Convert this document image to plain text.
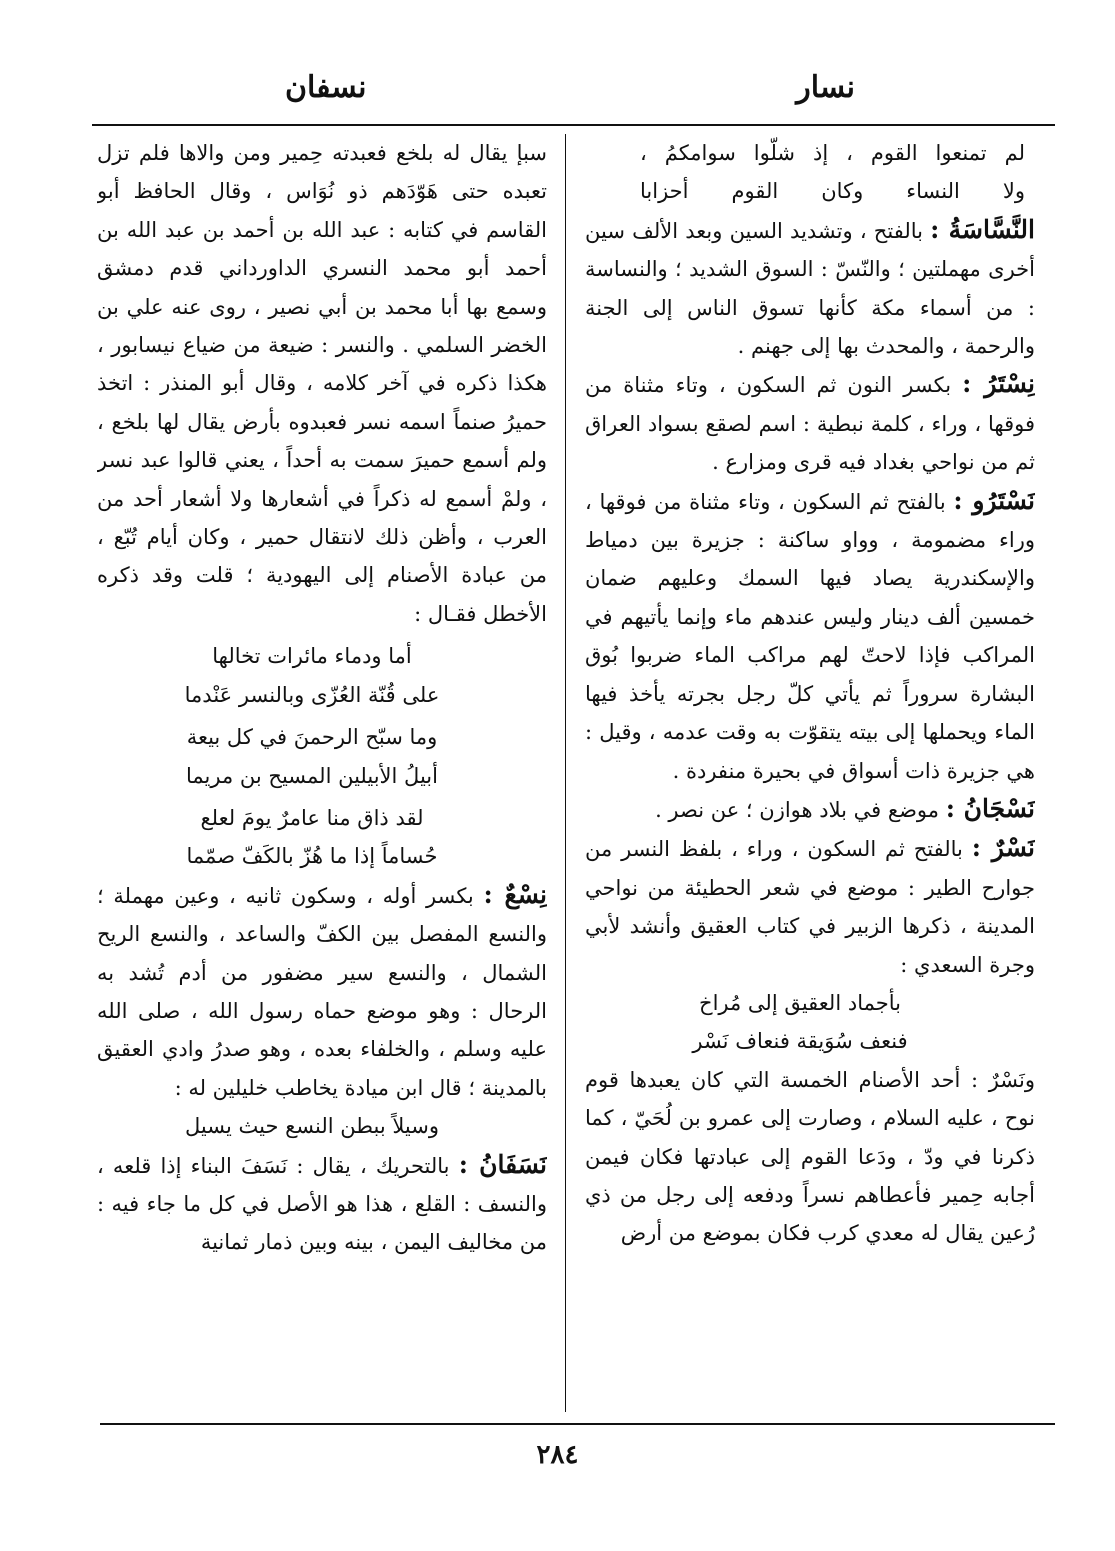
نسار
نسفان

لم تمنعوا القوم ، إذ شلّوا سوامكمُ ،

ولا النساء وكان القوم أحزابا

النَّسَّاسَةُ : بالفتح ، وتشديد السين وبعد الألف سين أخرى مهملتين ؛ والنّسّ : السوق الشديد ؛ والنساسة : من أسماء مكة كأنها تسوق الناس إلى الجنة والرحمة ، والمحدث بها إلى جهنم .

نِسْتَرُ : بكسر النون ثم السكون ، وتاء مثناة من فوقها ، وراء ، كلمة نبطية : اسم لصقع بسواد العراق ثم من نواحي بغداد فيه قرى ومزارع .

نَسْتَرُو : بالفتح ثم السكون ، وتاء مثناة من فوقها ، وراء مضمومة ، وواو ساكنة : جزيرة بين دمياط والإسكندرية يصاد فيها السمك وعليهم ضمان خمسين ألف دينار وليس عندهم ماء وإنما يأتيهم في المراكب فإذا لاحتّ لهم مراكب الماء ضربوا بُوق البشارة سروراً ثم يأتي كلّ رجل بجرته يأخذ فيها الماء ويحملها إلى بيته يتقوّت به وقت عدمه ، وقيل : هي جزيرة ذات أسواق في بحيرة منفردة .

نَسْجَانُ : موضع في بلاد هوازن ؛ عن نصر .

نَسْرٌ : بالفتح ثم السكون ، وراء ، بلفظ النسر من جوارح الطير : موضع في شعر الحطيئة من نواحي المدينة ، ذكرها الزبير في كتاب العقيق وأنشد لأبي وجرة السعدي :

بأجماد العقيق إلى مُراخ

فنعف سُوَيقة فنعاف نَسْر

ونَسْرٌ : أحد الأصنام الخمسة التي كان يعبدها قوم نوح ، عليه السلام ، وصارت إلى عمرو بن لُحَيّ ، كما ذكرنا في ودّ ، ودَعا القوم إلى عبادتها فكان فيمن أجابه حِمير فأعطاهم نسراً ودفعه إلى رجل من ذي رُعين يقال له معدي كرب فكان بموضع من أرض

سبإ يقال له بلخع فعبدته حِمير ومن والاها فلم تزل تعبده حتى هَوّدَهم ذو نُوَاس ، وقال الحافظ أبو القاسم في كتابه : عبد الله بن أحمد بن عبد الله بن أحمد أبو محمد النسري الداورداني قدم دمشق وسمع بها أبا محمد بن أبي نصير ، روى عنه علي بن الخضر السلمي . والنسر : ضيعة من ضياع نيسابور ، هكذا ذكره في آخر كلامه ، وقال أبو المنذر : اتخذ حميرُ صنماً اسمه نسر فعبدوه بأرض يقال لها بلخع ، ولم أسمع حميرَ سمت به أحداً ، يعني قالوا عبد نسر ، ولمْ أسمع له ذكراً في أشعارها ولا أشعار أحد من العرب ، وأظن ذلك لانتقال حمير ، وكان أيام تُبّع ، من عبادة الأصنام إلى اليهودية ؛ قلت وقد ذكره الأخطل فقـال :

أما ودماء مائرات تخالها

على قُنّة العُزّى وبالنسر عَنْدما

وما سبّح الرحمنَ في كل بيعة

أبيلُ الأبيلين المسيح بن مريما

لقد ذاق منا عامرٌ يومَ لعلع

حُساماً إذا ما هُزّ بالكَفّ صمّما

نِسْعٌ : بكسر أوله ، وسكون ثانيه ، وعين مهملة ؛ والنسع المفصل بين الكفّ والساعد ، والنسع الريح الشمال ، والنسع سير مضفور من أدم تُشد به الرحال : وهو موضع حماه رسول الله ، صلى الله عليه وسلم ، والخلفاء بعده ، وهو صدرُ وادي العقيق بالمدينة ؛ قال ابن ميادة يخاطب خليلين له :

وسيلاً ببطن النسع حيث يسيل

نَسَفَانُ : بالتحريك ، يقال : نَسَفَ البناء إذا قلعه ، والنسف : القلع ، هذا هو الأصل في كل ما جاء فيه : من مخاليف اليمن ، بينه وبين ذمار ثمانية

٢٨٤
